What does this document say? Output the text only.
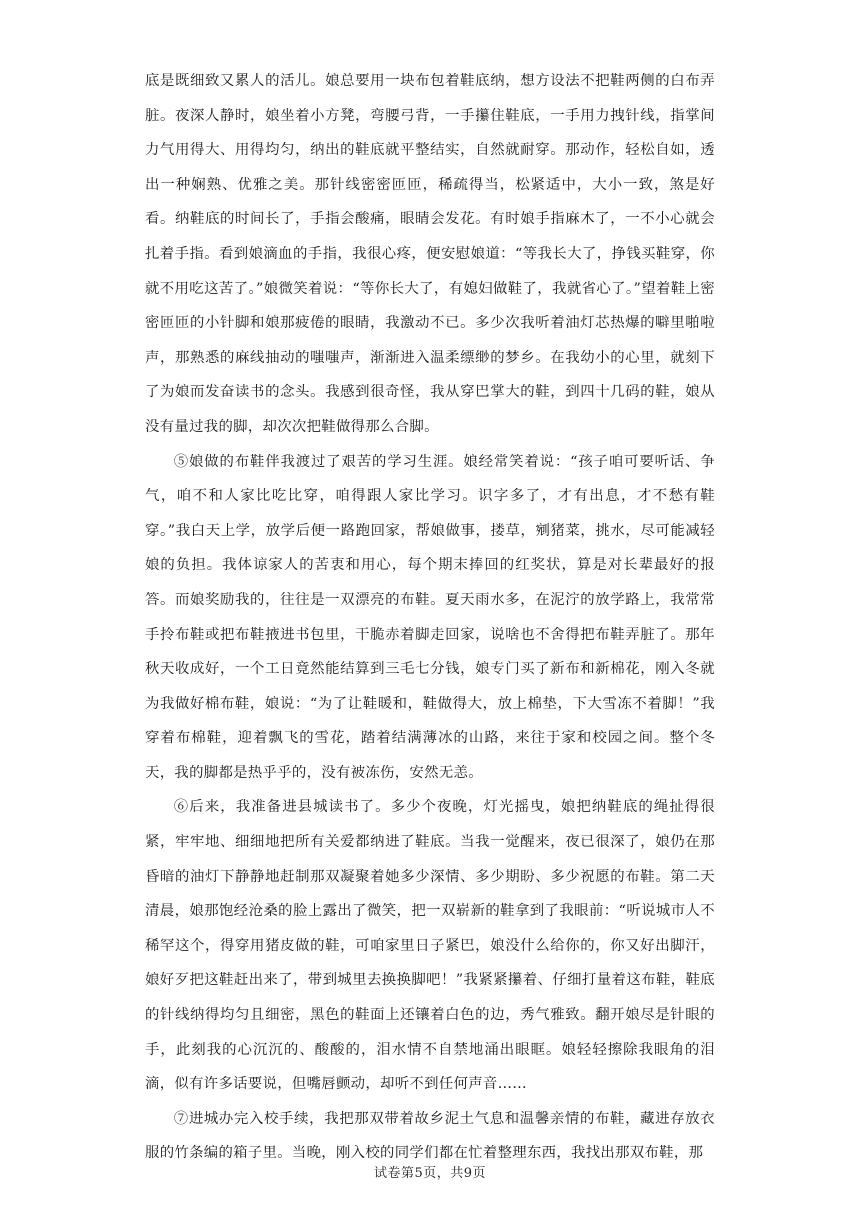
底是既细致又累人的活儿。娘总要用一块布包着鞋底纳，想方设法不把鞋两侧的白布弄脏。夜深人静时，娘坐着小方凳，弯腰弓背，一手攥住鞋底，一手用力拽针线，指掌间力气用得大、用得均匀，纳出的鞋底就平整结实，自然就耐穿。那动作，轻松自如，透出一种娴熟、优雅之美。那针线密密匝匝，稀疏得当，松紧适中，大小一致，煞是好看。纳鞋底的时间长了，手指会酸痛，眼睛会发花。有时娘手指麻木了，一不小心就会扎着手指。看到娘滴血的手指，我很心疼，便安慰娘道：“等我长大了，挣钱买鞋穿，你就不用吃这苦了。”娘微笑着说：“等你长大了，有媳妇做鞋了，我就省心了。”望着鞋上密密匝匝的小针脚和娘那疲倦的眼睛，我激动不已。多少次我听着油灯芯热爆的噼里啪啦声，那熟悉的麻线抽动的嗤嗤声，渐渐进入温柔缥缈的梦乡。在我幼小的心里，就刻下了为娘而发奋读书的念头。我感到很奇怪，我从穿巴掌大的鞋，到四十几码的鞋，娘从没有量过我的脚，却次次把鞋做得那么合脚。

⑤娘做的布鞋伴我渡过了艰苦的学习生涯。娘经常笑着说：“孩子咱可要听话、争气，咱不和人家比吃比穿，咱得跟人家比学习。识字多了，才有出息，才不愁有鞋穿。”我白天上学，放学后便一路跑回家，帮娘做事，搂草，剜猪菜，挑水，尽可能减轻娘的负担。我体谅家人的苦衷和用心，每个期末捧回的红奖状，算是对长辈最好的报答。而娘奖励我的，往往是一双漂亮的布鞋。夏天雨水多，在泥泞的放学路上，我常常手拎布鞋或把布鞋掖进书包里，干脆赤着脚走回家，说啥也不舍得把布鞋弄脏了。那年秋天收成好，一个工日竟然能结算到三毛七分钱，娘专门买了新布和新棉花，刚入冬就为我做好棉布鞋，娘说：“为了让鞋暖和，鞋做得大，放上棉垫，下大雪冻不着脚！”我穿着布棉鞋，迎着飘飞的雪花，踏着结满薄冰的山路，来往于家和校园之间。整个冬天，我的脚都是热乎乎的，没有被冻伤，安然无恙。

⑥后来，我准备进县城读书了。多少个夜晚，灯光摇曳，娘把纳鞋底的绳扯得很紧，牢牢地、细细地把所有关爱都纳进了鞋底。当我一觉醒来，夜已很深了，娘仍在那昏暗的油灯下静静地赶制那双凝聚着她多少深情、多少期盼、多少祝愿的布鞋。第二天清晨，娘那饱经沧桑的脸上露出了微笑，把一双崭新的鞋拿到了我眼前：“听说城市人不稀罕这个，得穿用猪皮做的鞋，可咱家里日子紧巴，娘没什么给你的，你又好出脚汗，娘好歹把这鞋赶出来了，带到城里去换换脚吧！”我紧紧攥着、仔细打量着这布鞋，鞋底的针线纳得均匀且细密，黑色的鞋面上还镶着白色的边，秀气雅致。翻开娘尽是针眼的手，此刻我的心沉沉的、酸酸的，泪水情不自禁地涌出眼眶。娘轻轻擦除我眼角的泪滴，似有许多话要说，但嘴唇颤动，却听不到任何声音……

⑦进城办完入校手续，我把那双带着故乡泥土气息和温馨亲情的布鞋，藏进存放衣服的竹条编的箱子里。当晚，刚入校的同学们都在忙着整理东西，我找出那双布鞋，那

试卷第5页，共9页
